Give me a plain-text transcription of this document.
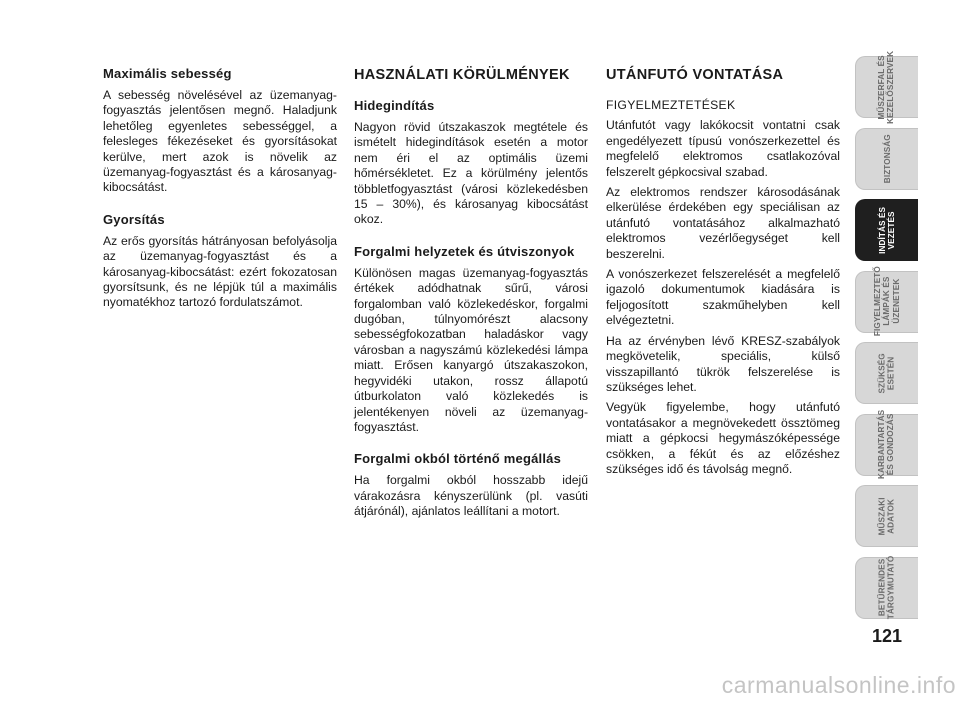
Maximális sebesség

A sebesség növelésével az üzemanyag-fogyasztás jelentősen megnő. Haladjunk lehetőleg egyenletes sebességgel, a felesleges fékezéseket és gyorsításokat kerülve, mert azok is növelik az üzemanyag-fogyasztást és a károsanyag-kibocsátást.

Gyorsítás

Az erős gyorsítás hátrányosan befolyásolja az üzemanyag-fogyasztást és a károsanyag-kibocsátást: ezért fokozatosan gyorsítsunk, és ne lépjük túl a maximális nyomatékhoz tartozó fordulatszámot.

HASZNÁLATI KÖRÜLMÉNYEK
Hidegindítás

Nagyon rövid útszakaszok megtétele és ismételt hidegindítások esetén a motor nem éri el az optimális üzemi hőmérsékletet. Ez a körülmény jelentős többletfogyasztást (városi közlekedésben 15 – 30%), és károsanyag kibocsátást okoz.

Forgalmi helyzetek és útviszonyok

Különösen magas üzemanyag-fogyasztás értékek adódhatnak sűrű, városi forgalomban való közlekedéskor, forgalmi dugóban, túlnyomórészt alacsony sebességfokozatban haladáskor vagy városban a nagyszámú közlekedési lámpa miatt. Erősen kanyargó útszakaszokon, hegyvidéki utakon, rossz állapotú útburkolaton való közlekedés is jelentékenyen növeli az üzemanyag-fogyasztást.

Forgalmi okból történő megállás

Ha forgalmi okból hosszabb idejű várakozásra kényszerülünk (pl. vasúti átjárónál), ajánlatos leállítani a motort.

UTÁNFUTÓ VONTATÁSA

FIGYELMEZTETÉSEK

Utánfutót vagy lakókocsit vontatni csak engedélyezett típusú vonószerkezettel és megfelelő elektromos csatlakozóval felszerelt gépkocsival szabad.

Az elektromos rendszer károsodásának elkerülése érdekében egy speciálisan az utánfutó vontatásához alkalmazható elektromos vezérlőegységet kell beszerelni.

A vonószerkezet felszerelését a megfelelő igazoló dokumentumok kiadására is feljogosított szakműhelyben kell elvégeztetni.

Ha az érvényben lévő KRESZ-szabályok megkövetelik, speciális, külső visszapillantó tükrök felszerelése is szükséges lehet.

Vegyük figyelembe, hogy utánfutó vontatásakor a megnövekedett össztömeg miatt a gépkocsi hegymászóképessége csökken, a fékút és az előzéshez szükséges idő és távolság megnő.

MŰSZERFAL ÉS
KEZELŐSZERVEK
BIZTONSÁG
INDÍTÁS ÉS
VEZETÉS
FIGYELMEZTETŐ
LÁMPÁK ÉS
ÜZENETEK
SZÜKSÉG
ESETÉN
KARBANTARTÁS
ÉS GONDOZÁS
MŰSZAKI
ADATOK
BETŰRENDES
TÁRGYMUTATÓ
121
carmanualsonline.info
